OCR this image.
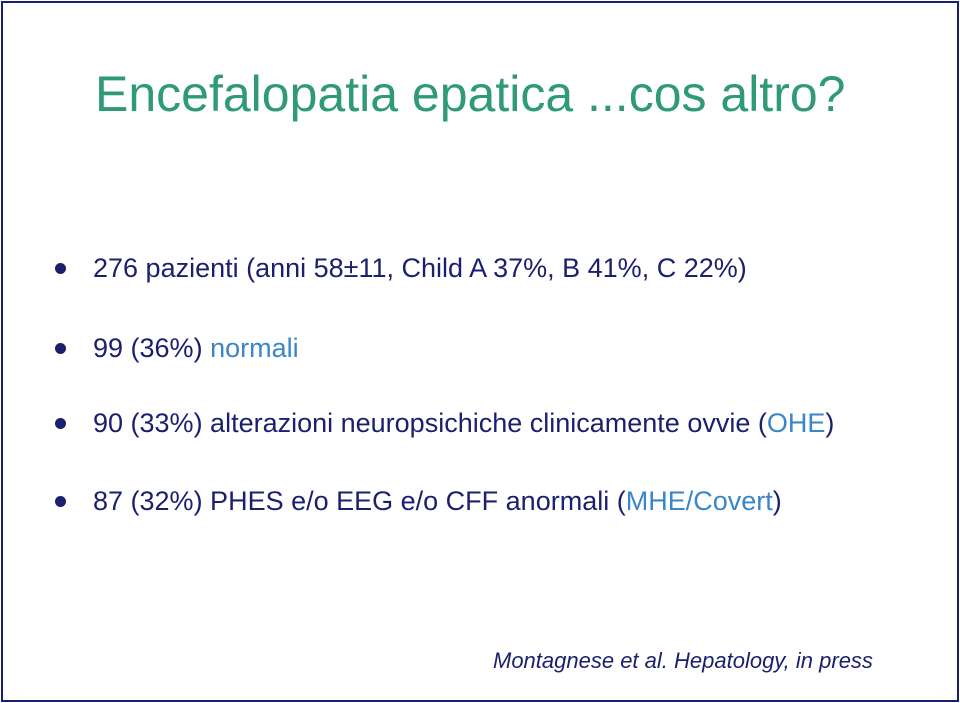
Encefalopatia epatica ...cos altro?
276 pazienti (anni 58±11, Child A 37%, B 41%, C 22%)
99 (36%) normali
90 (33%) alterazioni neuropsichiche clinicamente ovvie (OHE)
87 (32%) PHES e/o EEG e/o CFF anormali (MHE/Covert)

Montagnese et al. Hepatology, in press
